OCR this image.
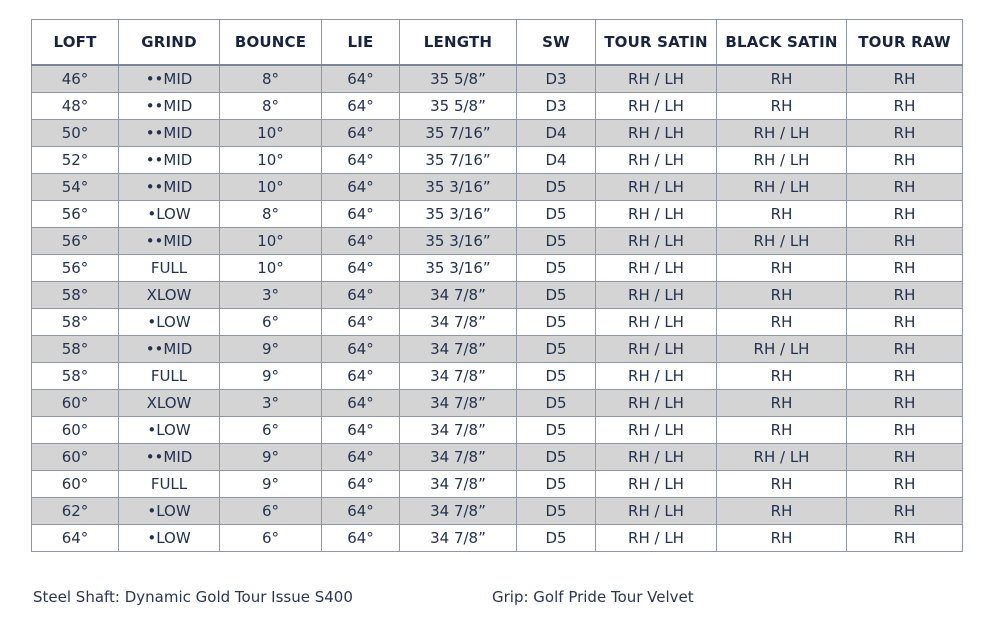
LOFT	GRIND	BOUNCE	LIE	LENGTH	SW	TOUR SATIN	BLACK SATIN	TOUR RAW
46°	••MID	8°	64°	35 5/8”	D3	RH / LH	RH	RH
48°	••MID	8°	64°	35 5/8”	D3	RH / LH	RH	RH
50°	••MID	10°	64°	35 7/16”	D4	RH / LH	RH / LH	RH
52°	••MID	10°	64°	35 7/16”	D4	RH / LH	RH / LH	RH
54°	••MID	10°	64°	35 3/16”	D5	RH / LH	RH / LH	RH
56°	•LOW	8°	64°	35 3/16”	D5	RH / LH	RH	RH
56°	••MID	10°	64°	35 3/16”	D5	RH / LH	RH / LH	RH
56°	FULL	10°	64°	35 3/16”	D5	RH / LH	RH	RH
58°	XLOW	3°	64°	34 7/8”	D5	RH / LH	RH	RH
58°	•LOW	6°	64°	34 7/8”	D5	RH / LH	RH	RH
58°	••MID	9°	64°	34 7/8”	D5	RH / LH	RH / LH	RH
58°	FULL	9°	64°	34 7/8”	D5	RH / LH	RH	RH
60°	XLOW	3°	64°	34 7/8”	D5	RH / LH	RH	RH
60°	•LOW	6°	64°	34 7/8”	D5	RH / LH	RH	RH
60°	••MID	9°	64°	34 7/8”	D5	RH / LH	RH / LH	RH
60°	FULL	9°	64°	34 7/8”	D5	RH / LH	RH	RH
62°	•LOW	6°	64°	34 7/8”	D5	RH / LH	RH	RH
64°	•LOW	6°	64°	34 7/8”	D5	RH / LH	RH	RH
Steel Shaft: Dynamic Gold Tour Issue S400	Grip: Golf Pride Tour Velvet
